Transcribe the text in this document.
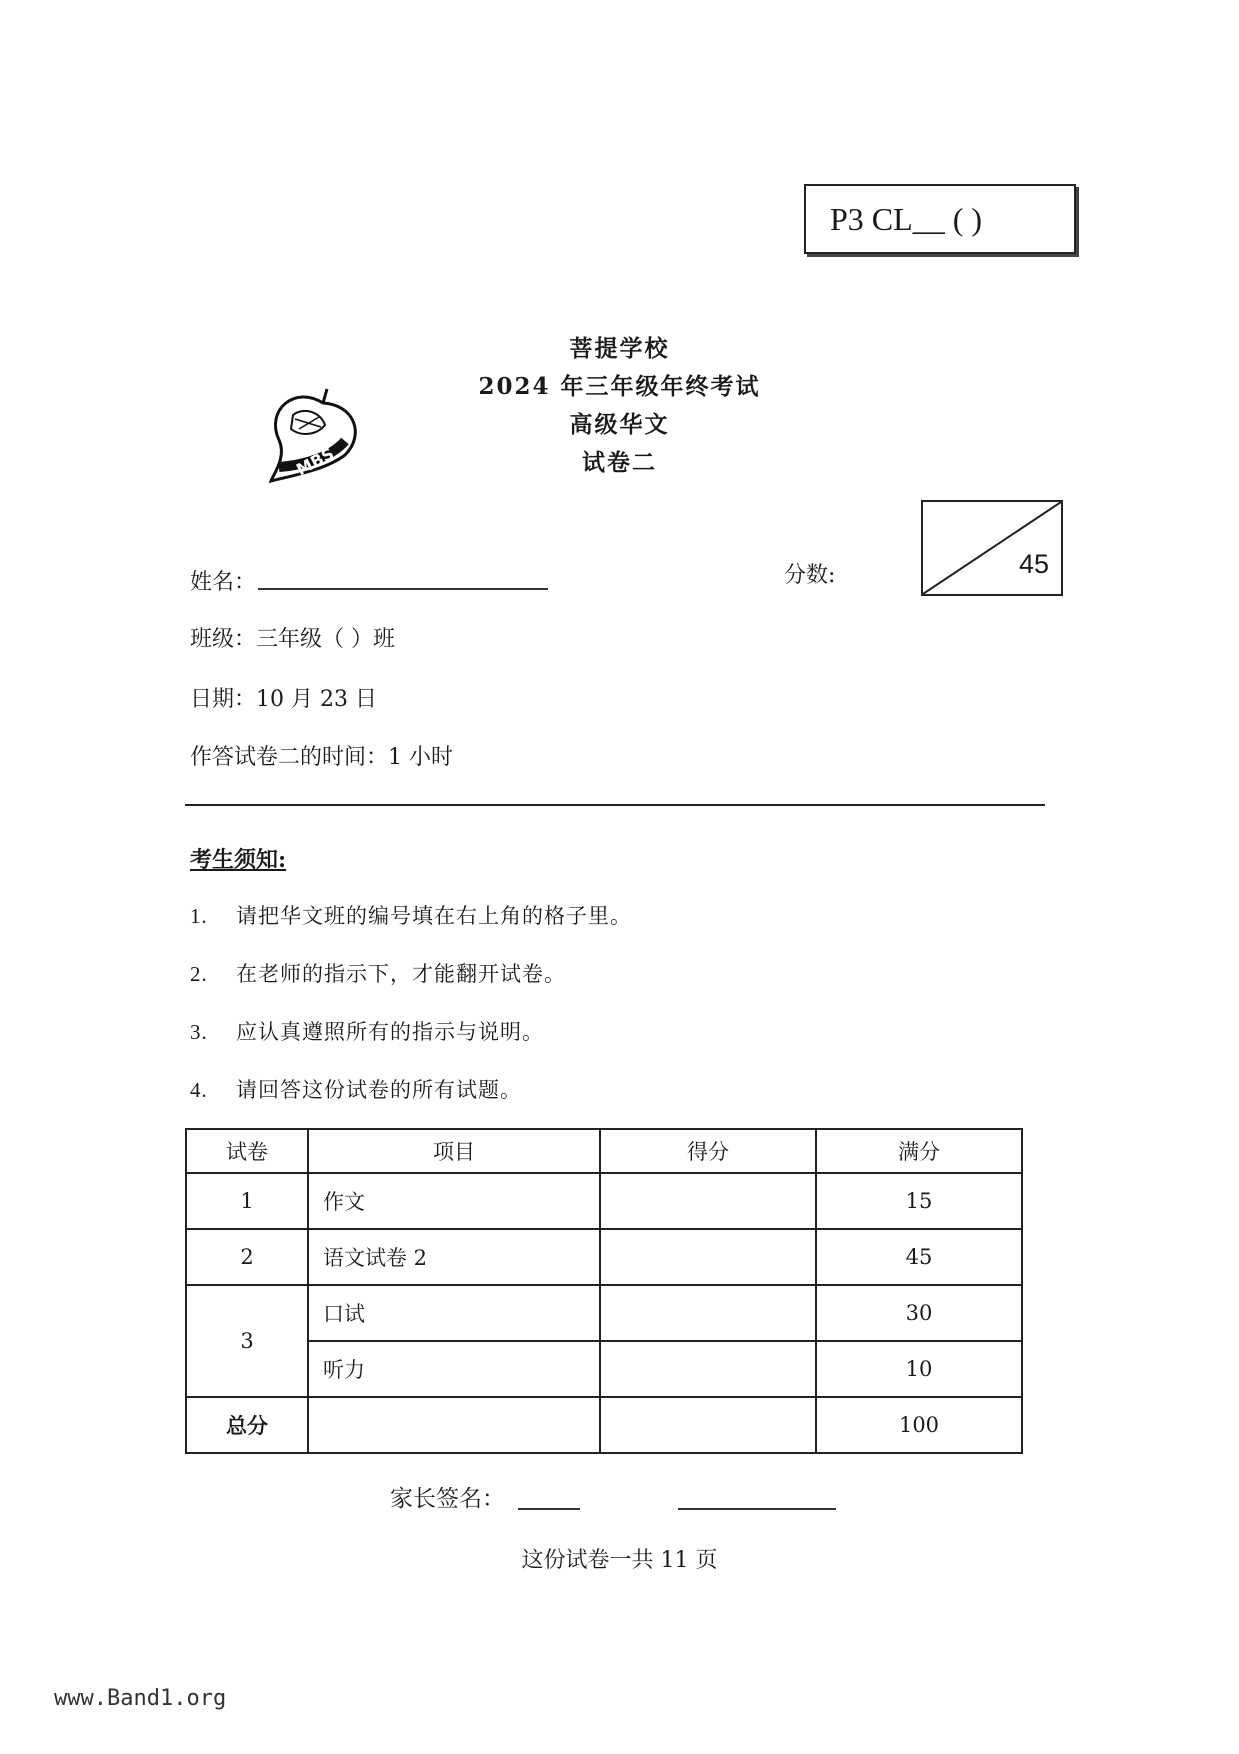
P3 CL__ ( )
菩提学校
2024 年三年级年终考试
高级华文
试卷二
MBS
姓名：	分数:	45
班级：三年级（ ）班
日期：10 月 23 日
作答试卷二的时间：1 小时
考生须知:
1. 请把华文班的编号填在右上角的格子里。
2. 在老师的指示下，才能翻开试卷。
3. 应认真遵照所有的指示与说明。
4. 请回答这份试卷的所有试题。
试卷	项目	得分	满分
1	作文		15
2	语文试卷 2		45
3	口试		30
	听力		10
总分			100
家长签名：
这份试卷一共 11 页
www.Band1.org
